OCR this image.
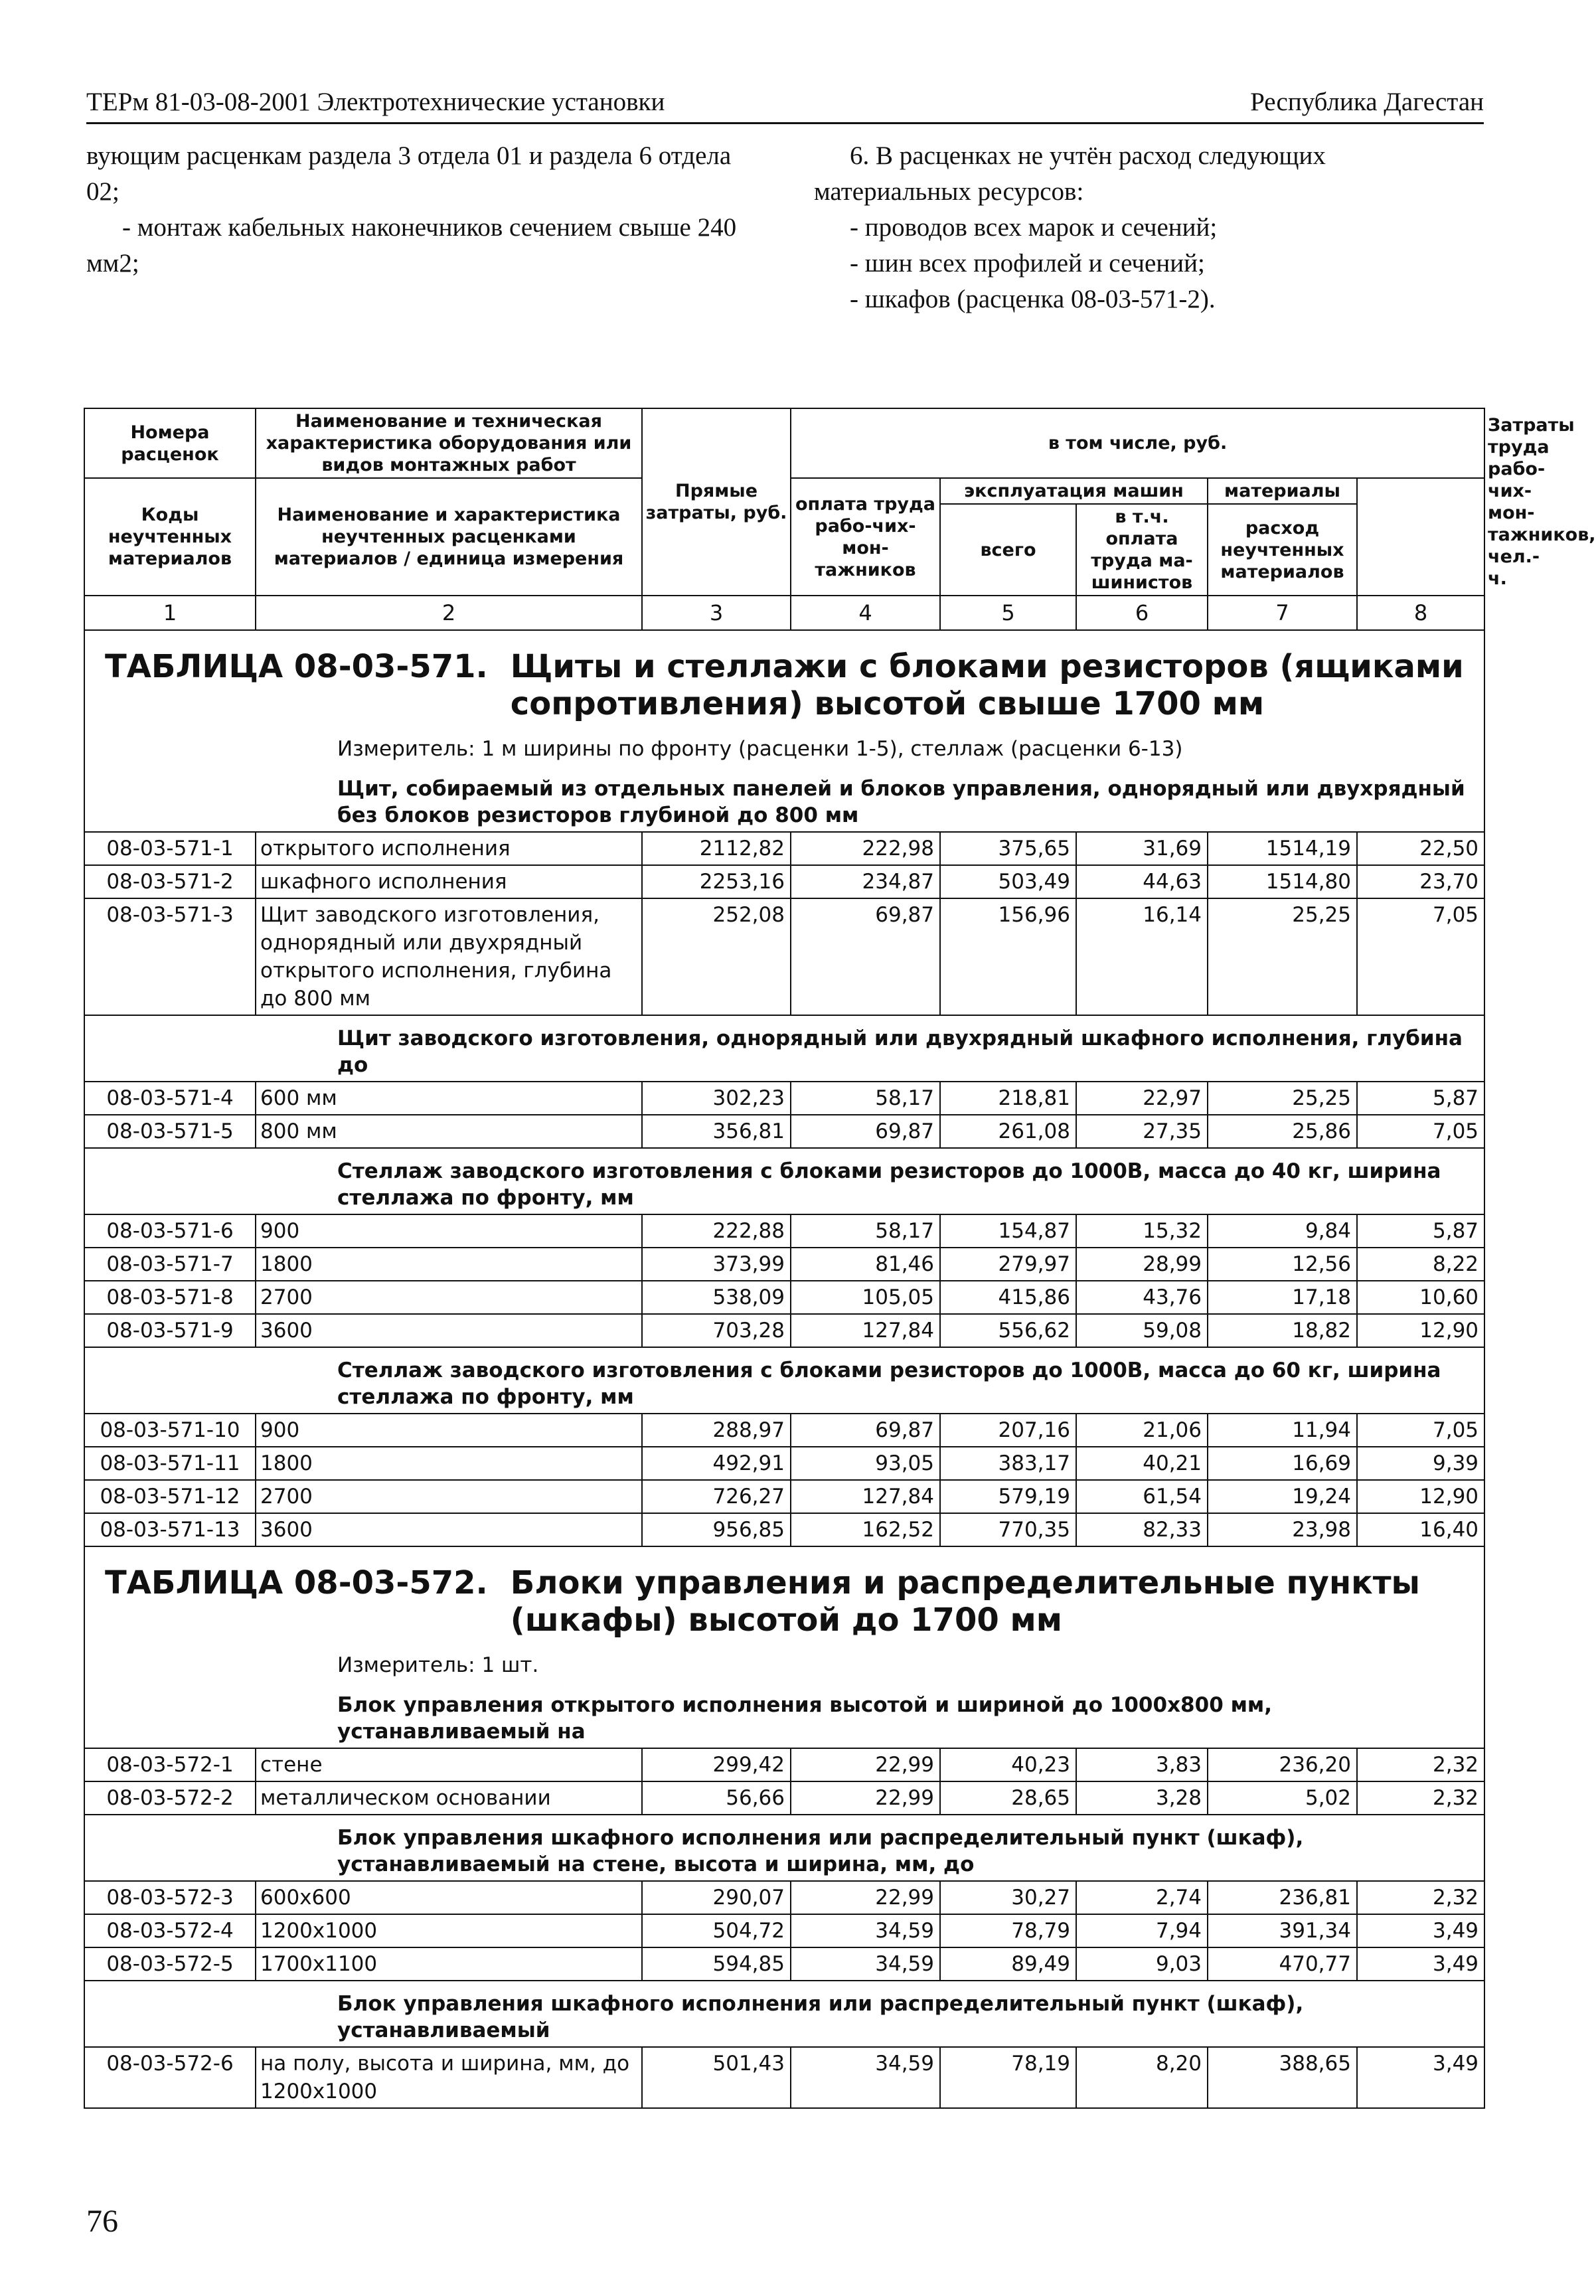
ТЕРм 81-03-08-2001 Электротехнические установки	Республика Дагестан

вующим расценкам раздела 3 отдела 01 и раздела 6 отдела 02;

- монтаж кабельных наконечников сечением свыше 240 мм2;

6. В расценках не учтён расход следующих материальных ресурсов:

- проводов всех марок и сечений;

- шин всех профилей и сечений;

- шкафов (расценка 08-03-571-2).

Номера расценок	Наименование и техническая характеристика оборудования или видов монтажных работ	Прямые затраты, руб.	в том числе, руб.					Затраты труда рабо-чих-мон-тажников, чел.-ч.
Коды неучтенных материалов	Наименование и характеристика неучтенных расценками материалов / единица измерения		оплата труда рабо-чих-мон-тажников	эксплуатация машин		материалы		
				всего	в т.ч. оплата труда ма-шинистов	расход неучтенных материалов		
1	2	3	4	5	6	7	8	

ТАБЛИЦА 08-03-571. Щиты и стеллажи с блоками резисторов (ящиками сопротивления) высотой свыше 1700 мм								

Измеритель: 1 м ширины по фронту (расценки 1-5), стеллаж (расценки 6-13)								
Щит, собираемый из отдельных панелей и блоков управления, однорядный или двухрядный без блоков резисторов глубиной до 800 мм								
08-03-571-1	открытого исполнения	2112,82	222,98	375,65	31,69	1514,19	22,50	
08-03-571-2	шкафного исполнения	2253,16	234,87	503,49	44,63	1514,80	23,70	
08-03-571-3	Щит заводского изготовления, однорядный или двухрядный открытого исполнения, глубина до 800 мм	252,08	69,87	156,96	16,14	25,25	7,05	
Щит заводского изготовления, однорядный или двухрядный шкафного исполнения, глубина до								
08-03-571-4	600 мм	302,23	58,17	218,81	22,97	25,25	5,87	
08-03-571-5	800 мм	356,81	69,87	261,08	27,35	25,86	7,05	
Стеллаж заводского изготовления с блоками резисторов до 1000В, масса до 40 кг, ширина стеллажа по фронту, мм								
08-03-571-6	900	222,88	58,17	154,87	15,32	9,84	5,87	
08-03-571-7	1800	373,99	81,46	279,97	28,99	12,56	8,22	
08-03-571-8	2700	538,09	105,05	415,86	43,76	17,18	10,60	
08-03-571-9	3600	703,28	127,84	556,62	59,08	18,82	12,90	
Стеллаж заводского изготовления с блоками резисторов до 1000В, масса до 60 кг, ширина стеллажа по фронту, мм								
08-03-571-10	900	288,97	69,87	207,16	21,06	11,94	7,05	
08-03-571-11	1800	492,91	93,05	383,17	40,21	16,69	9,39	
08-03-571-12	2700	726,27	127,84	579,19	61,54	19,24	12,90	
08-03-571-13	3600	956,85	162,52	770,35	82,33	23,98	16,40	

ТАБЛИЦА 08-03-572. Блоки управления и распределительные пункты (шкафы) высотой до 1700 мм								

Измеритель: 1 шт.								
Блок управления открытого исполнения высотой и шириной до 1000х800 мм, устанавливаемый на								
08-03-572-1	стене	299,42	22,99	40,23	3,83	236,20	2,32	
08-03-572-2	металлическом основании	56,66	22,99	28,65	3,28	5,02	2,32	
Блок управления шкафного исполнения или распределительный пункт (шкаф), устанавливаемый на стене, высота и ширина, мм, до								
08-03-572-3	600x600	290,07	22,99	30,27	2,74	236,81	2,32	
08-03-572-4	1200x1000	504,72	34,59	78,79	7,94	391,34	3,49	
08-03-572-5	1700x1100	594,85	34,59	89,49	9,03	470,77	3,49	
Блок управления шкафного исполнения или распределительный пункт (шкаф), устанавливаемый								
08-03-572-6	на полу, высота и ширина, мм, до 1200x1000	501,43	34,59	78,19	8,20	388,65	3,49	
76
